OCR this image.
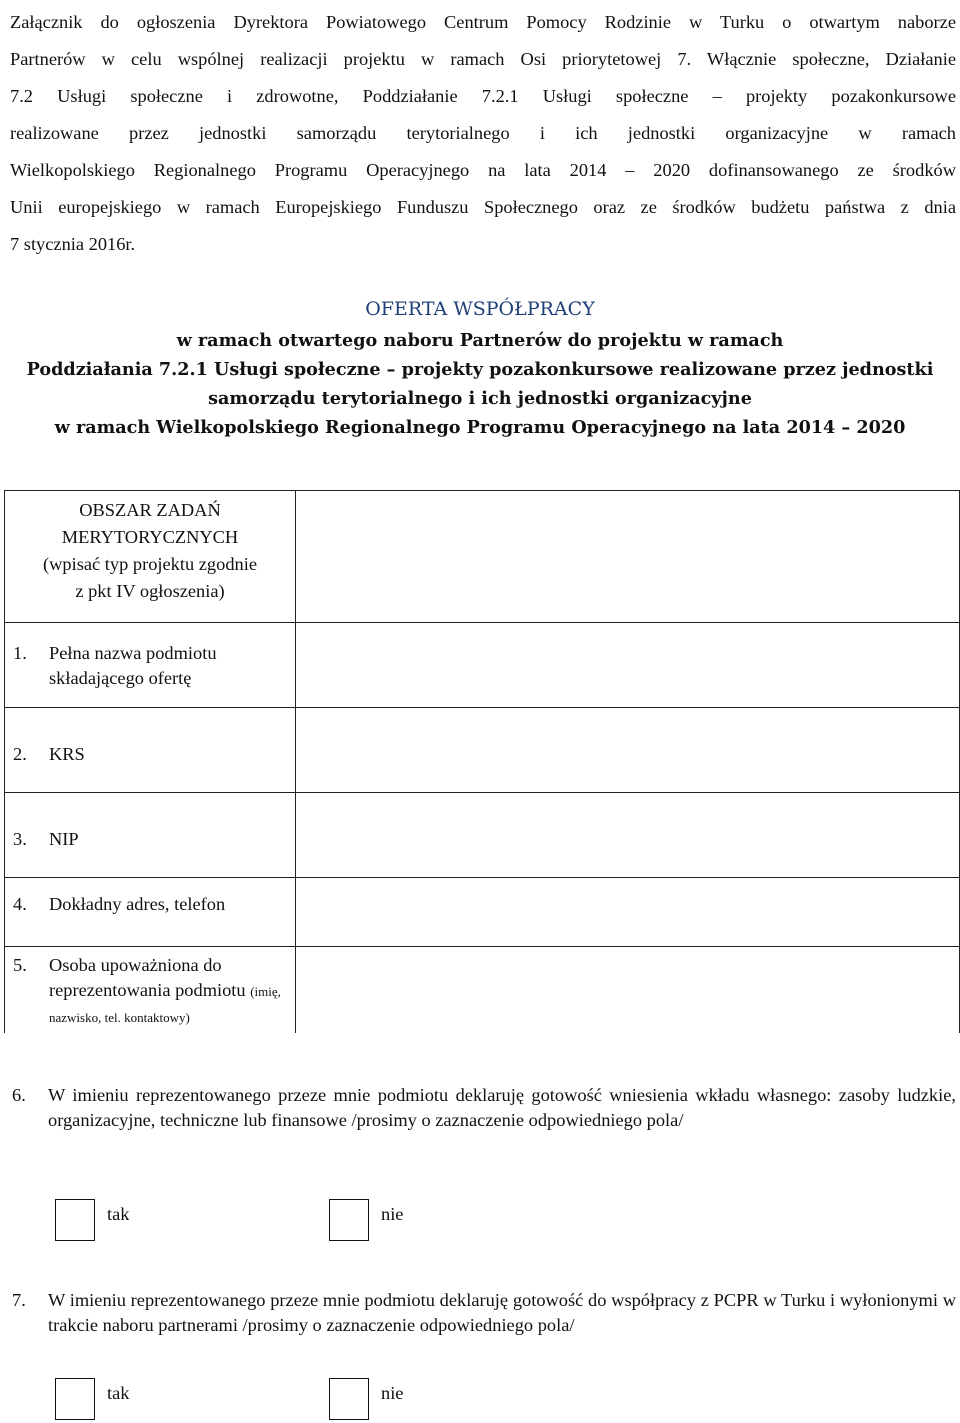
Załącznik do ogłoszenia Dyrektora Powiatowego Centrum Pomocy Rodzinie w Turku o otwartym naborze
Partnerów w celu wspólnej realizacji projektu w ramach Osi priorytetowej 7. Włącznie społeczne, Działanie
7.2 Usługi społeczne i zdrowotne, Poddziałanie 7.2.1 Usługi społeczne – projekty pozakonkursowe
realizowane przez jednostki samorządu terytorialnego i ich jednostki organizacyjne w ramach
Wielkopolskiego Regionalnego Programu Operacyjnego na lata 2014 – 2020 dofinansowanego ze środków
Unii europejskiego w ramach Europejskiego Funduszu Społecznego oraz ze środków budżetu państwa z dnia
7 stycznia 2016r.
OFERTA WSPÓŁPRACY
w ramach otwartego naboru Partnerów do projektu w ramach
Poddziałania 7.2.1 Usługi społeczne – projekty pozakonkursowe realizowane przez jednostki
samorządu terytorialnego i ich jednostki organizacyjne
w ramach Wielkopolskiego Regionalnego Programu Operacyjnego na lata 2014 – 2020
OBSZAR ZADAŃ
MERYTORYCZNYCH
(wpisać typ projektu zgodnie
z pkt IV ogłoszenia)	

1. Pełna nazwa podmiotu składającego ofertę	

2. KRS	

3. NIP	

4. Dokładny adres, telefon	

5. Osoba upoważniona do reprezentowania podmiotu (imię, nazwisko, tel. kontaktowy)	

6. W imieniu reprezentowanego przeze mnie podmiotu deklaruję gotowość wniesienia wkładu własnego: zasoby ludzkie, organizacyjne, techniczne lub finansowe /prosimy o zaznaczenie odpowiedniego pola/
tak	nie
7. W imieniu reprezentowanego przeze mnie podmiotu deklaruję gotowość do współpracy z PCPR w Turku i wyłonionymi w trakcie naboru partnerami /prosimy o zaznaczenie odpowiedniego pola/
tak	nie
